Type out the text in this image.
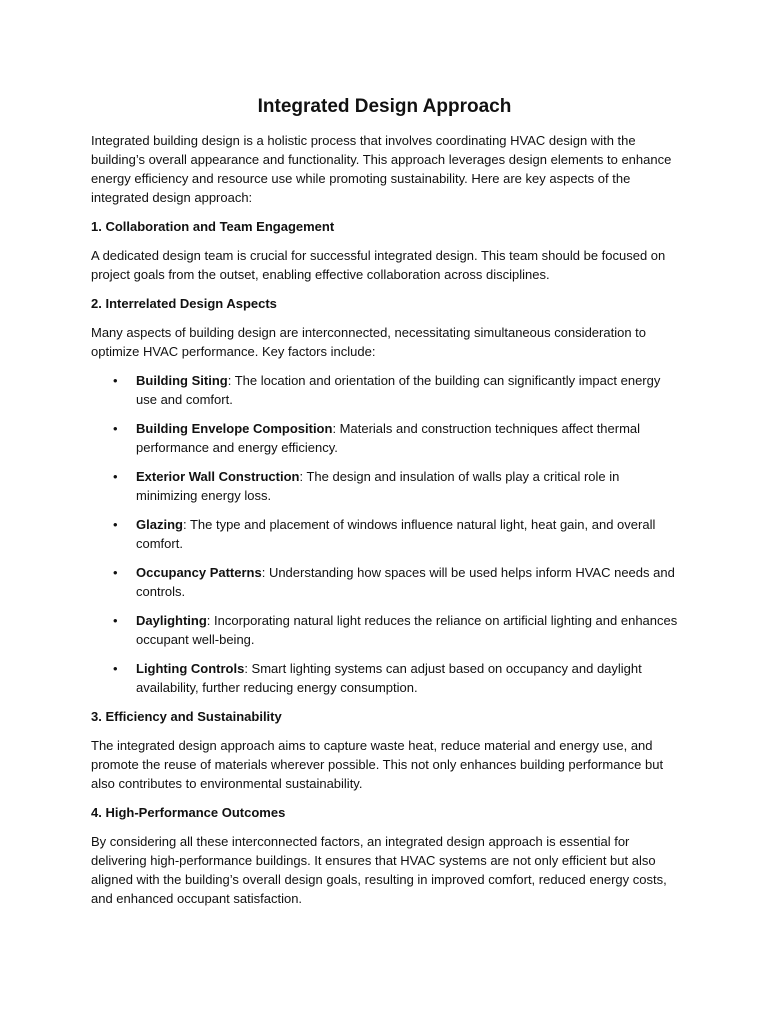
Integrated Design Approach

Integrated building design is a holistic process that involves coordinating HVAC design with the building’s overall appearance and functionality. This approach leverages design elements to enhance energy efficiency and resource use while promoting sustainability. Here are key aspects of the integrated design approach:

1. Collaboration and Team Engagement

A dedicated design team is crucial for successful integrated design. This team should be focused on project goals from the outset, enabling effective collaboration across disciplines.

2. Interrelated Design Aspects

Many aspects of building design are interconnected, necessitating simultaneous consideration to optimize HVAC performance. Key factors include:

• Building Siting: The location and orientation of the building can significantly impact energy use and comfort.
• Building Envelope Composition: Materials and construction techniques affect thermal performance and energy efficiency.
• Exterior Wall Construction: The design and insulation of walls play a critical role in minimizing energy loss.
• Glazing: The type and placement of windows influence natural light, heat gain, and overall comfort.
• Occupancy Patterns: Understanding how spaces will be used helps inform HVAC needs and controls.
• Daylighting: Incorporating natural light reduces the reliance on artificial lighting and enhances occupant well-being.
• Lighting Controls: Smart lighting systems can adjust based on occupancy and daylight availability, further reducing energy consumption.

3. Efficiency and Sustainability

The integrated design approach aims to capture waste heat, reduce material and energy use, and promote the reuse of materials wherever possible. This not only enhances building performance but also contributes to environmental sustainability.

4. High-Performance Outcomes

By considering all these interconnected factors, an integrated design approach is essential for delivering high-performance buildings. It ensures that HVAC systems are not only efficient but also aligned with the building’s overall design goals, resulting in improved comfort, reduced energy costs, and enhanced occupant satisfaction.
